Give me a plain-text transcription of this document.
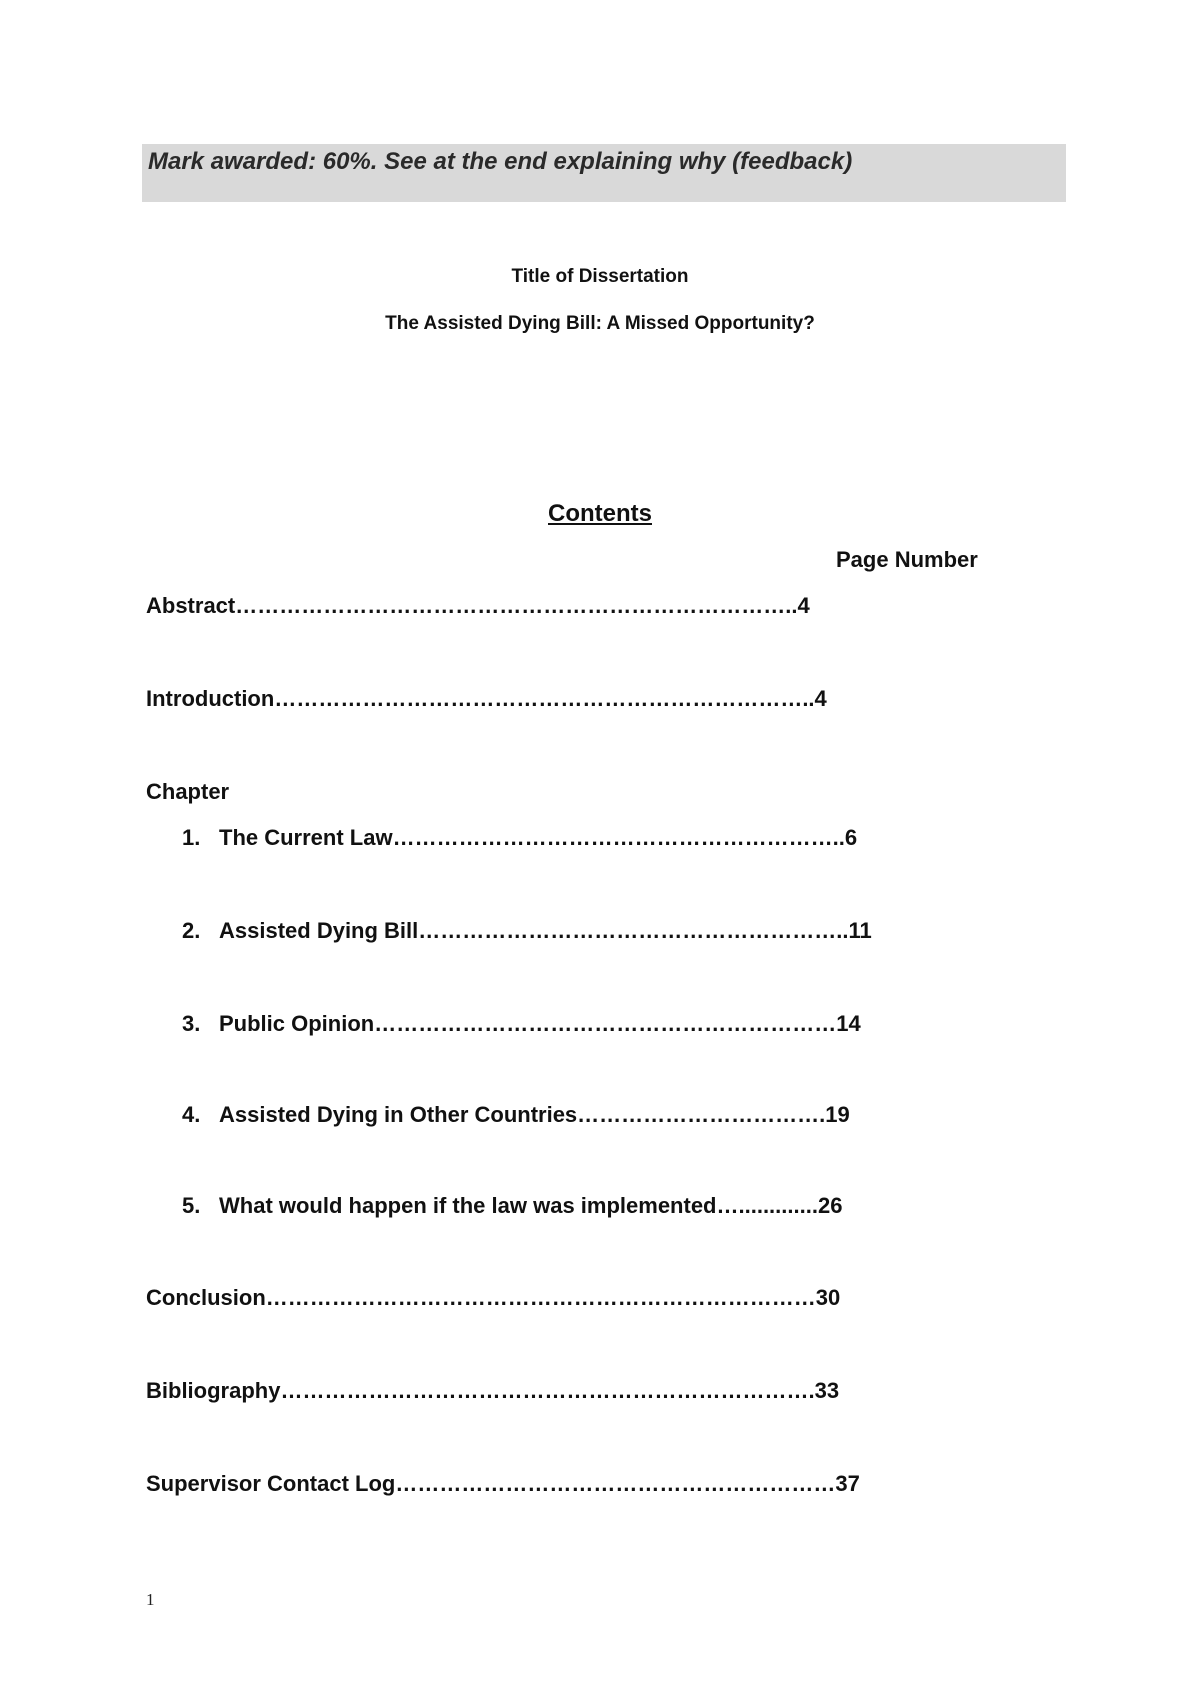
Mark awarded: 60%. See at the end explaining why (feedback)
Title of Dissertation
The Assisted Dying Bill: A Missed Opportunity?
Contents
Page Number
Abstract…………………………………………………………………..4
Introduction………………………………………………………………..4
Chapter
1. The Current Law……………………………………………………..6
2. Assisted Dying Bill…………………………………………………..11
3. Public Opinion………………………………………………………14
4. Assisted Dying in Other Countries…………………………….19
5. What would happen if the law was implemented….............26
Conclusion…………………………………………………………………30
Bibliography……………………………………………………………….33
Supervisor Contact Log……………………………………………………37
1
